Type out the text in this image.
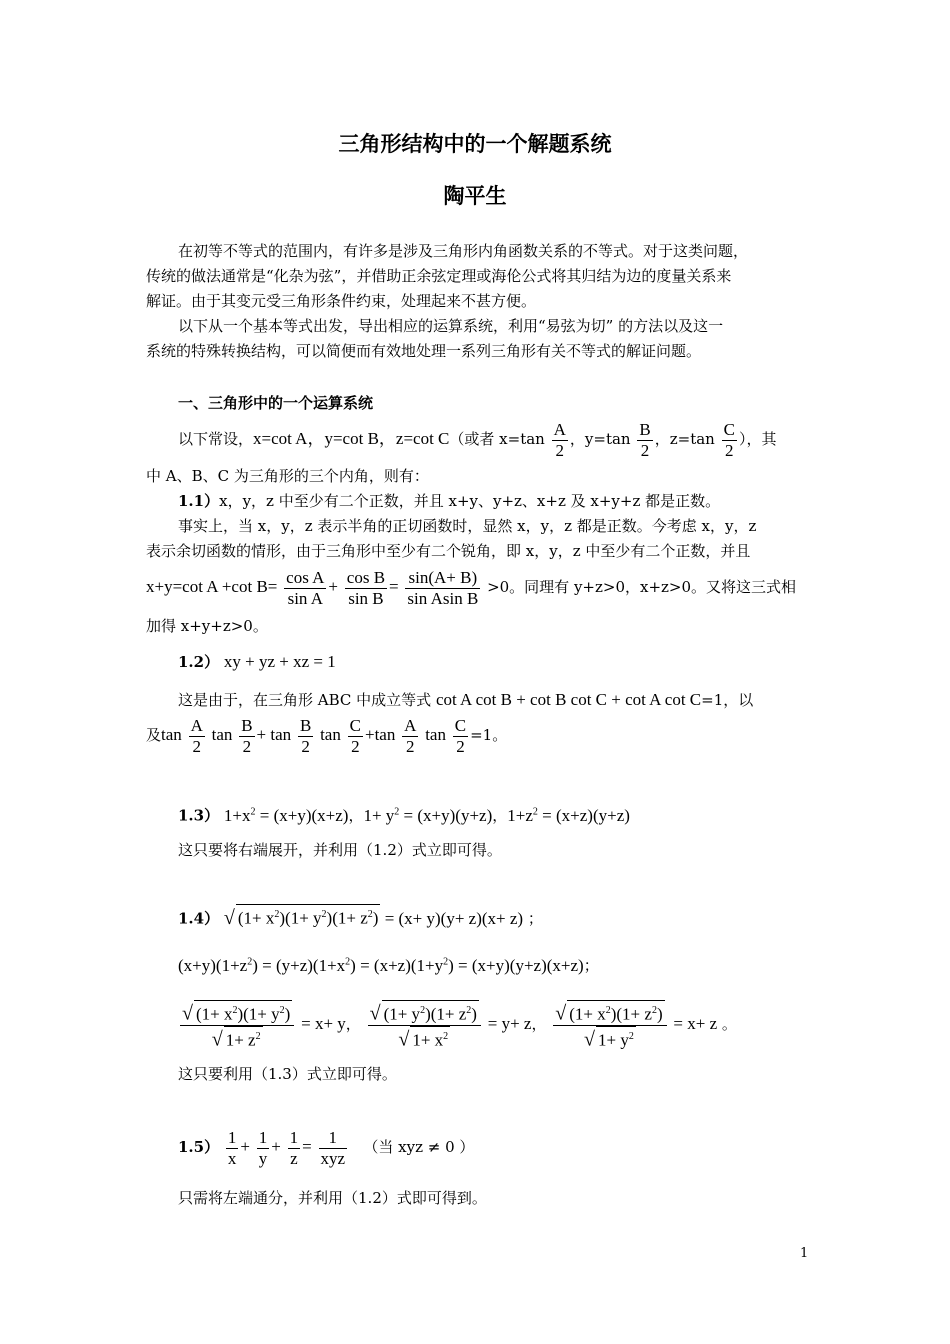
三角形结构中的一个解题系统
陶平生
在初等不等式的范围内，有许多是涉及三角形内角函数关系的不等式。对于这类问题，
传统的做法通常是“化杂为弦”，并借助正余弦定理或海伦公式将其归结为边的度量关系来
解证。由于其变元受三角形条件约束，处理起来不甚方便。
以下从一个基本等式出发，导出相应的运算系统，利用“易弦为切” 的方法以及这一
系统的特殊转换结构，可以简便而有效地处理一系列三角形有关不等式的解证问题。
一、三角形中的一个运算系统
以下常设，x=cot A，y=cot B，z=cot C（或者 $x=\tan \frac{A}{2}$ ，$y=\tan \frac{B}{2}$ ，$z=\tan \frac{C}{2}$ ），其
中 A、B、C 为三角形的三个内角，则有：
1.1）x，y，z 中至少有二个正数，并且 x+y、y+z、x+z 及 x+y+z 都是正数。
事实上，当 x，y，z 表示半角的正切函数时，显然 x，y，z 都是正数。今考虑 x，y，z
表示余切函数的情形，由于三角形中至少有二个锐角，即 x，y，z 中至少有二个正数，并且
x+y=cot A +cot $B= \frac{\text{cos A}}{\text{sin A}} + \frac{\text{cos B}}{\text{sin B}} = \frac{\sin(A+ B)}{\text{sin Asin B}} >0$。同理有 y+z>0，x+z>0。又将这三式相
加得 x+y+z>0。
1.2） xy + yz + xz = 1
这是由于，在三角形 ABC 中成立等式 cot A cot B + cot B cot C + cot A cot C=1，以
及$\tan \frac{A}{2}$ $\tan \frac{B}{2} + \tan \frac{B}{2}$ $\tan \frac{C}{2} +\tan \frac{A}{2}$ $\tan \frac{C}{2} =1$。
1.3） $1+x^2 = (x+y)(x+z)$，$1+ y^2 = (x+y)(y+z)$，$1+z^2 = (x+z)(y+z)$
这只要将右端展开，并利用（1.2）式立即可得。
1.4） √ $(1+ x^2)(1+ y^2)(1+ z^2) = (x+ y)(y+ z)(x+ z)$ ；
$(x+y)(1+z^2) = (y+z)(1+x^2) = (x+z)(1+y^2) = (x+y)(y+z)(x+z)$；
$\frac{√ (1+ x^2)(1+ y^2)}{√ 1+ z^2} = x+ y$， $\frac{√ (1+ y^2)(1+ z^2)}{√ 1+ x^2} = y+ z$， $\frac{√ (1+ x^2)(1+ z^2)}{√ 1+ y^2} = x+ z$ 。
这只要利用（1.3）式立即可得。
$1.5) \frac{1}{x} + \frac{1}{y} + \frac{1}{z} = \frac{1}{\text{xyz}}$ （当 xyz ≠ 0 ）
只需将左端通分，并利用（1.2）式即可得到。
1
